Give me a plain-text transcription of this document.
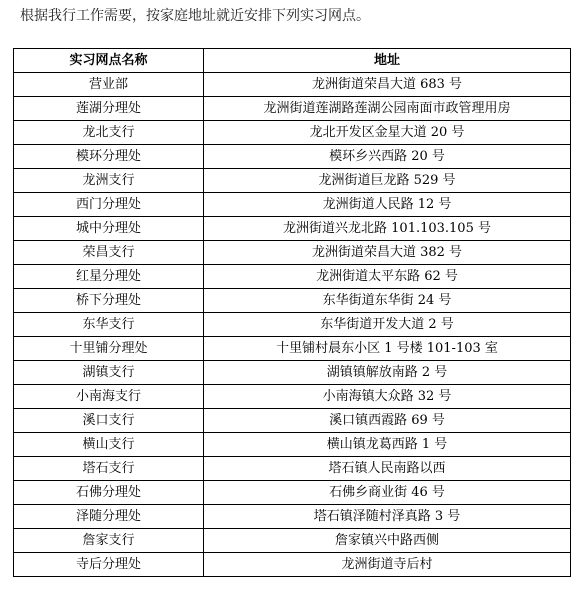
根据我行工作需要，按家庭地址就近安排下列实习网点。
实习网点名称	地址
营业部	龙洲街道荣昌大道 683 号
莲湖分理处	龙洲街道莲湖路莲湖公园南面市政管理用房
龙北支行	龙北开发区金星大道 20 号
模环分理处	模环乡兴西路 20 号
龙洲支行	龙洲街道巨龙路 529 号
西门分理处	龙洲街道人民路 12 号
城中分理处	龙洲街道兴龙北路 101.103.105 号
荣昌支行	龙洲街道荣昌大道 382 号
红星分理处	龙洲街道太平东路 62 号
桥下分理处	东华街道东华街 24 号
东华支行	东华街道开发大道 2 号
十里铺分理处	十里铺村晨东小区 1 号楼 101-103 室
湖镇支行	湖镇镇解放南路 2 号
小南海支行	小南海镇大众路 32 号
溪口支行	溪口镇西霞路 69 号
横山支行	横山镇龙葛西路 1 号
塔石支行	塔石镇人民南路以西
石佛分理处	石佛乡商业街 46 号
泽随分理处	塔石镇泽随村泽真路 3 号
詹家支行	詹家镇兴中路西侧
寺后分理处	龙洲街道寺后村
